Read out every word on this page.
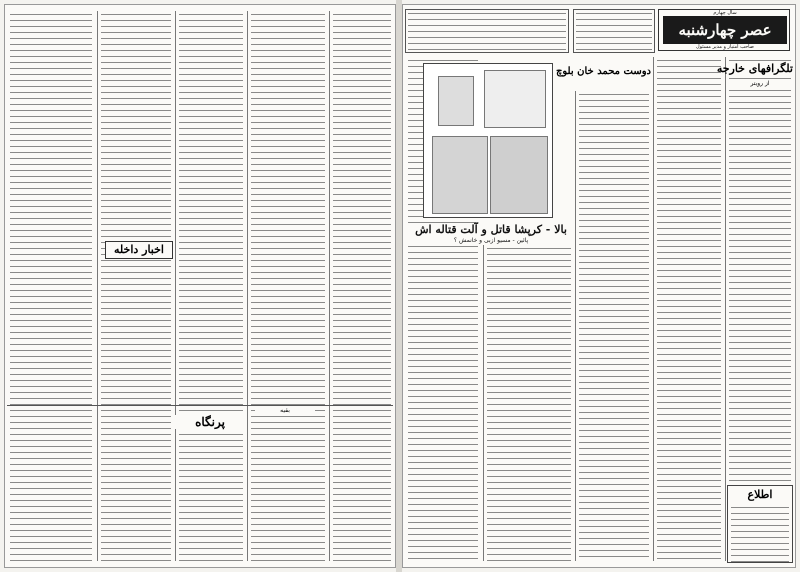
اخبار داخله
پرنگاه
بقیه
عصر چهارشنبه
سال چهارم
صاحب امتیاز و مدیر مسئول
دوست محمد خان بلوچ
بالا - کرپشا قاتل و آلت قتاله اش
پائین - مسیو ازبی و خانمش ؟
تلگرافهای خارجه
از رویتر
اطلاع
